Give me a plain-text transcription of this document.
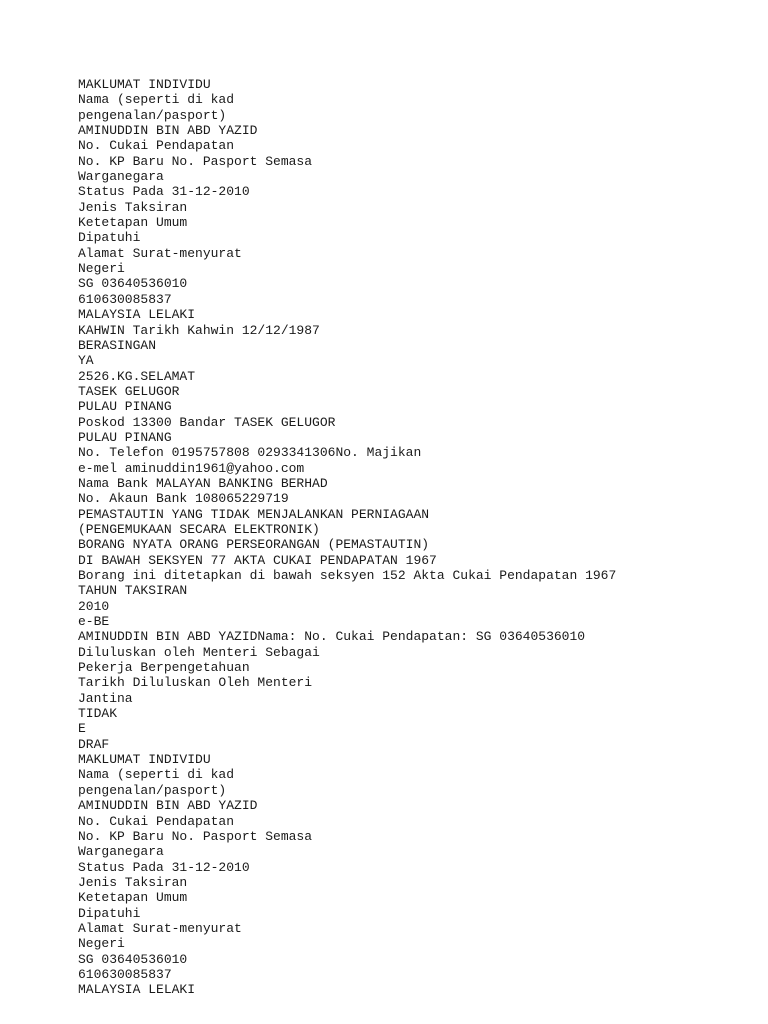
MAKLUMAT INDIVIDU
Nama (seperti di kad
pengenalan/pasport)
AMINUDDIN BIN ABD YAZID
No. Cukai Pendapatan
No. KP Baru No. Pasport Semasa
Warganegara
Status Pada 31-12-2010
Jenis Taksiran
Ketetapan Umum
Dipatuhi
Alamat Surat-menyurat
Negeri
SG 03640536010
610630085837
MALAYSIA LELAKI
KAHWIN Tarikh Kahwin 12/12/1987
BERASINGAN
YA
2526.KG.SELAMAT
TASEK GELUGOR
PULAU PINANG
Poskod 13300 Bandar TASEK GELUGOR
PULAU PINANG
No. Telefon 0195757808 0293341306No. Majikan
e-mel aminuddin1961@yahoo.com
Nama Bank MALAYAN BANKING BERHAD
No. Akaun Bank 108065229719
PEMASTAUTIN YANG TIDAK MENJALANKAN PERNIAGAAN
(PENGEMUKAAN SECARA ELEKTRONIK)
BORANG NYATA ORANG PERSEORANGAN (PEMASTAUTIN)
DI BAWAH SEKSYEN 77 AKTA CUKAI PENDAPATAN 1967
Borang ini ditetapkan di bawah seksyen 152 Akta Cukai Pendapatan 1967
TAHUN TAKSIRAN
2010
e-BE
AMINUDDIN BIN ABD YAZIDNama: No. Cukai Pendapatan: SG 03640536010
Diluluskan oleh Menteri Sebagai
Pekerja Berpengetahuan
Tarikh Diluluskan Oleh Menteri
Jantina
TIDAK
E
DRAF
MAKLUMAT INDIVIDU
Nama (seperti di kad
pengenalan/pasport)
AMINUDDIN BIN ABD YAZID
No. Cukai Pendapatan
No. KP Baru No. Pasport Semasa
Warganegara
Status Pada 31-12-2010
Jenis Taksiran
Ketetapan Umum
Dipatuhi
Alamat Surat-menyurat
Negeri
SG 03640536010
610630085837
MALAYSIA LELAKI
